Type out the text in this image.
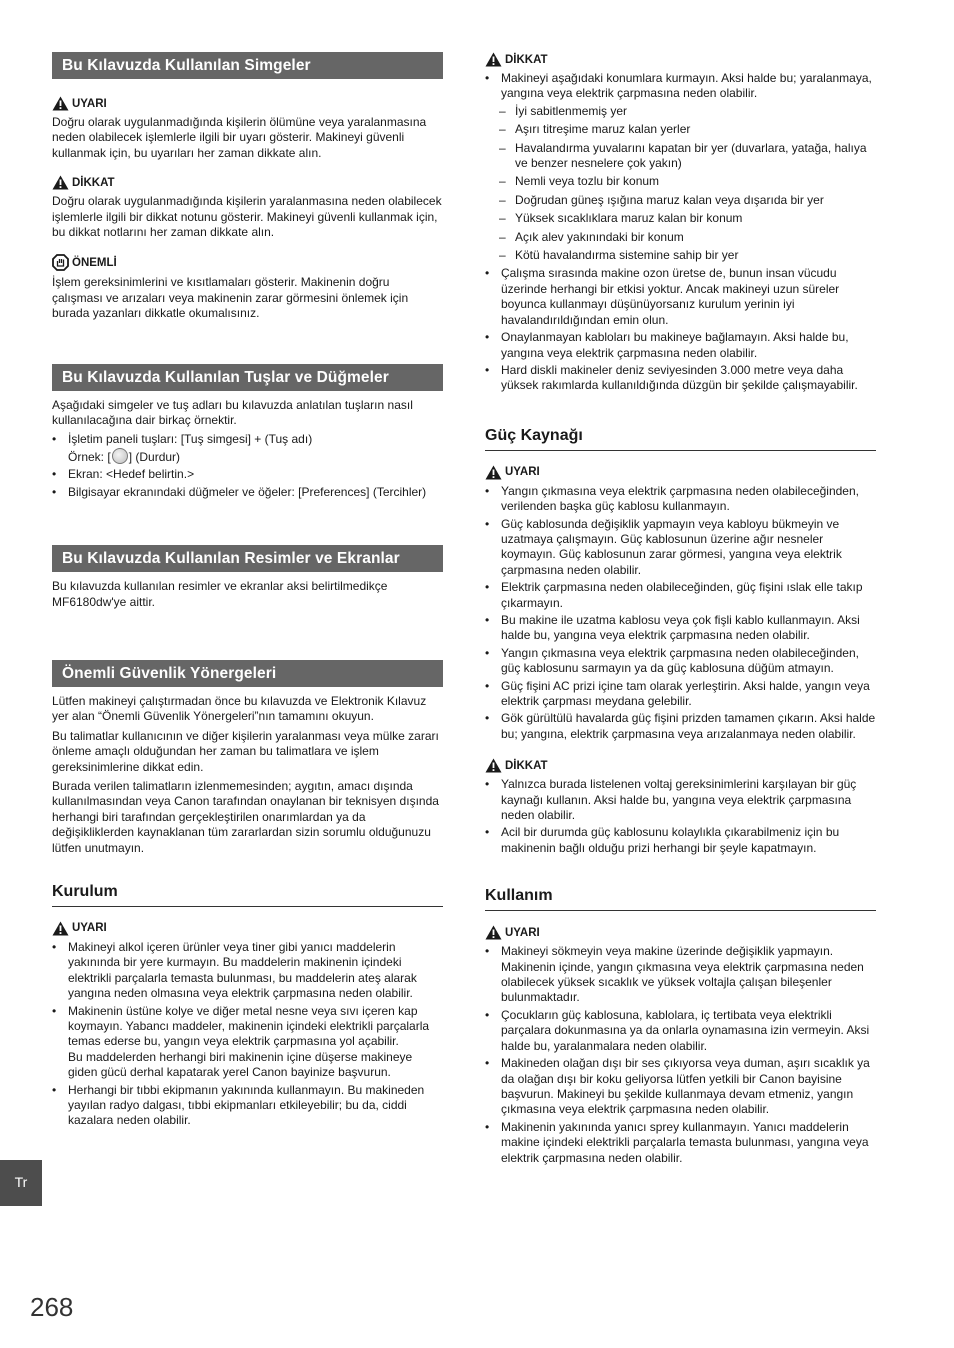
Bu Kılavuzda Kullanılan Simgeler
UYARI

Doğru olarak uygulanmadığında kişilerin ölümüne veya yaralanmasına neden olabilecek işlemlerle ilgili bir uyarı gösterir. Makineyi güvenli kullanmak için, bu uyarıları her zaman dikkate alın.

DİKKAT

Doğru olarak uygulanmadığında kişilerin yaralanmasına neden olabilecek işlemlerle ilgili bir dikkat notunu gösterir. Makineyi güvenli kullanmak için, bu dikkat notlarını her zaman dikkate alın.

ÖNEMLİ

İşlem gereksinimlerini ve kısıtlamaları gösterir. Makinenin doğru çalışması ve arızaları veya makinenin zarar görmesini önlemek için burada yazanları dikkatle okumalısınız.

Bu Kılavuzda Kullanılan Tuşlar ve Düğmeler

Aşağıdaki simgeler ve tuş adları bu kılavuzda anlatılan tuşların nasıl kullanılacağına dair birkaç örnektir.

• İşletim paneli tuşları: [Tuş simgesi] + (Tuş adı)
Örnek: [ ] (Durdur)
• Ekran: <Hedef belirtin.>
• Bilgisayar ekranındaki düğmeler ve öğeler: [Preferences] (Tercihler)
Bu Kılavuzda Kullanılan Resimler ve Ekranlar

Bu kılavuzda kullanılan resimler ve ekranlar aksi belirtilmedikçe MF6180dw'ye aittir.

Önemli Güvenlik Yönergeleri

Lütfen makineyi çalıştırmadan önce bu kılavuzda ve Elektronik Kılavuz yer alan “Önemli Güvenlik Yönergeleri”nın tamamını okuyun.

Bu talimatlar kullanıcının ve diğer kişilerin yaralanması veya mülke zararı önleme amaçlı olduğundan her zaman bu talimatlara ve işlem gereksinimlerine dikkat edin.

Burada verilen talimatların izlenmemesinden; aygıtın, amacı dışında kullanılmasından veya Canon tarafından onaylanan bir teknisyen dışında herhangi biri tarafından gerçekleştirilen onarımlardan ya da değişikliklerden kaynaklanan tüm zararlardan sizin sorumlu olduğunuzu lütfen unutmayın.

Kurulum
UYARI
• Makineyi alkol içeren ürünler veya tiner gibi yanıcı maddelerin yakınında bir yere kurmayın. Bu maddelerin makinenin içindeki elektrikli parçalarla temasta bulunması, bu maddelerin ateş alarak yangına neden olmasına veya elektrik çarpmasına neden olabilir.
• Makinenin üstüne kolye ve diğer metal nesne veya sıvı içeren kap koymayın. Yabancı maddeler, makinenin içindeki elektrikli parçalarla temas ederse bu, yangın veya elektrik çarpmasına yol açabilir.
Bu maddelerden herhangi biri makinenin içine düşerse makineye giden gücü derhal kapatarak yerel Canon bayinize başvurun.
• Herhangi bir tıbbi ekipmanın yakınında kullanmayın. Bu makineden yayılan radyo dalgası, tıbbi ekipmanları etkileyebilir; bu da, ciddi kazalara neden olabilir.
DİKKAT
• Makineyi aşağıdaki konumlara kurmayın. Aksi halde bu; yaralanmaya, yangına veya elektrik çarpmasına neden olabilir.
– İyi sabitlenmemiş yer
– Aşırı titreşime maruz kalan yerler
– Havalandırma yuvalarını kapatan bir yer (duvarlara, yatağa, halıya ve benzer nesnelere çok yakın)
– Nemli veya tozlu bir konum
– Doğrudan güneş ışığına maruz kalan veya dışarıda bir yer
– Yüksek sıcaklıklara maruz kalan bir konum
– Açık alev yakınındaki bir konum
– Kötü havalandırma sistemine sahip bir yer
• Çalışma sırasında makine ozon üretse de, bunun insan vücudu üzerinde herhangi bir etkisi yoktur. Ancak makineyi uzun süreler boyunca kullanmayı düşünüyorsanız kurulum yerinin iyi havalandırıldığından emin olun.
• Onaylanmayan kabloları bu makineye bağlamayın. Aksi halde bu, yangına veya elektrik çarpmasına neden olabilir.
• Hard diskli makineler deniz seviyesinden 3.000 metre veya daha yüksek rakımlarda kullanıldığında düzgün bir şekilde çalışmayabilir.
Güç Kaynağı
UYARI
• Yangın çıkmasına veya elektrik çarpmasına neden olabileceğinden, verilenden başka güç kablosu kullanmayın.
• Güç kablosunda değişiklik yapmayın veya kabloyu bükmeyin ve uzatmaya çalışmayın. Güç kablosunun üzerine ağır nesneler koymayın. Güç kablosunun zarar görmesi, yangına veya elektrik çarpmasına neden olabilir.
• Elektrik çarpmasına neden olabileceğinden, güç fişini ıslak elle takıp çıkarmayın.
• Bu makine ile uzatma kablosu veya çok fişli kablo kullanmayın. Aksi halde bu, yangına veya elektrik çarpmasına neden olabilir.
• Yangın çıkmasına veya elektrik çarpmasına neden olabileceğinden, güç kablosunu sarmayın ya da güç kablosuna düğüm atmayın.
• Güç fişini AC prizi içine tam olarak yerleştirin. Aksi halde, yangın veya elektrik çarpması meydana gelebilir.
• Gök gürültülü havalarda güç fişini prizden tamamen çıkarın. Aksi halde bu; yangına, elektrik çarpmasına veya arızalanmaya neden olabilir.
DİKKAT
• Yalnızca burada listelenen voltaj gereksinimlerini karşılayan bir güç kaynağı kullanın. Aksi halde bu, yangına veya elektrik çarpmasına neden olabilir.
• Acil bir durumda güç kablosunu kolaylıkla çıkarabilmeniz için bu makinenin bağlı olduğu prizi herhangi bir şeyle kapatmayın.
Kullanım
UYARI
• Makineyi sökmeyin veya makine üzerinde değişiklik yapmayın. Makinenin içinde, yangın çıkmasına veya elektrik çarpmasına neden olabilecek yüksek sıcaklık ve yüksek voltajla çalışan bileşenler bulunmaktadır.
• Çocukların güç kablosuna, kablolara, iç tertibata veya elektrikli parçalara dokunmasına ya da onlarla oynamasına izin vermeyin. Aksi halde bu, yaralanmalara neden olabilir.
• Makineden olağan dışı bir ses çıkıyorsa veya duman, aşırı sıcaklık ya da olağan dışı bir koku geliyorsa lütfen yetkili bir Canon bayisine başvurun. Makineyi bu şekilde kullanmaya devam etmeniz, yangın çıkmasına veya elektrik çarpmasına neden olabilir.
• Makinenin yakınında yanıcı sprey kullanmayın. Yanıcı maddelerin makine içindeki elektrikli parçalarla temasta bulunması, yangına veya elektrik çarpmasına neden olabilir.
Tr
268
